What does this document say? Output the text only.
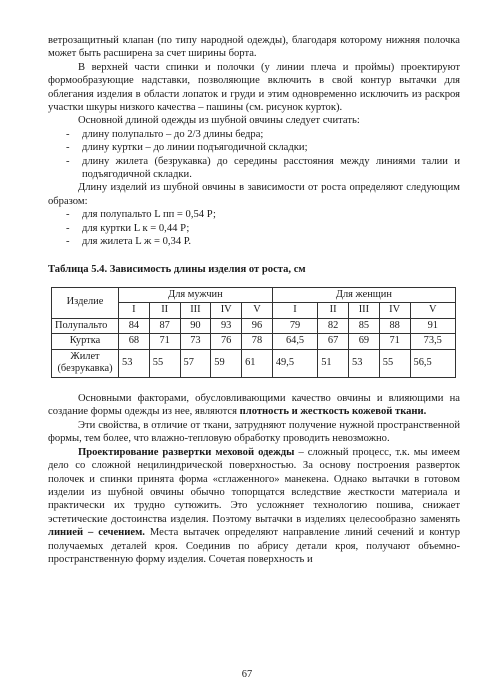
ветрозащитный клапан (по типу народной одежды), благодаря которому нижняя полочка может быть расширена за счет ширины борта.

В верхней части спинки и полочки (у линии плеча и проймы) проектируют формообразующие надставки, позволяющие включить в свой контур вытачки для облегания изделия в области лопаток и груди и этим одновременно исключить из раскроя участки шкуры низкого качества – пашины (см. рисунок курток).

Основной длиной одежды из шубной овчины следует считать:

- длину полупальто – до 2/3 длины бедра;
- длину куртки – до линии подъягодичной складки;
- длину жилета (безрукавка) до середины расстояния между линиями талии и подъягодичной складки.

Длину изделий из шубной овчины в зависимости от роста определяют следующим образом:

- для полупальто L пп = 0,54 Р;
- для куртки L к = 0,44 Р;
- для жилета L ж = 0,34 Р.

Таблица 5.4. Зависимость длины изделия от роста, см

Изделие	Для мужчин					Для женщин				
	I	II	III	IV	V	I	II	III	IV	V
Полупальто	84	87	90	93	96	79	82	85	88	91
Куртка	68	71	73	76	78	64,5	67	69	71	73,5
Жилет (безрукавка)	53	55	57	59	61	49,5	51	53	55	56,5

Основными факторами, обусловливающими качество овчины и влияющими на создание формы одежды из нее, являются плотность и жесткость кожевой ткани.

Эти свойства, в отличие от ткани, затрудняют получение нужной пространственной формы, тем более, что влажно-тепловую обработку проводить невозможно.

Проектирование развертки меховой одежды – сложный процесс, т.к. мы имеем дело со сложной нецилиндрической поверхностью. За основу построения разверток полочек и спинки принята форма «сглаженного» манекена. Однако вытачки в готовом изделии из шубной овчины обычно топорщатся вследствие жесткости материала и практически их трудно сутюжить. Это усложняет технологию пошива, снижает эстетические достоинства изделия. Поэтому вытачки в изделиях целесообразно заменять линией – сечением. Места вытачек определяют направление линий сечений и контур получаемых деталей кроя. Соединив по абрису детали кроя, получают объемно-пространственную форму изделия. Сочетая поверхность и

67
